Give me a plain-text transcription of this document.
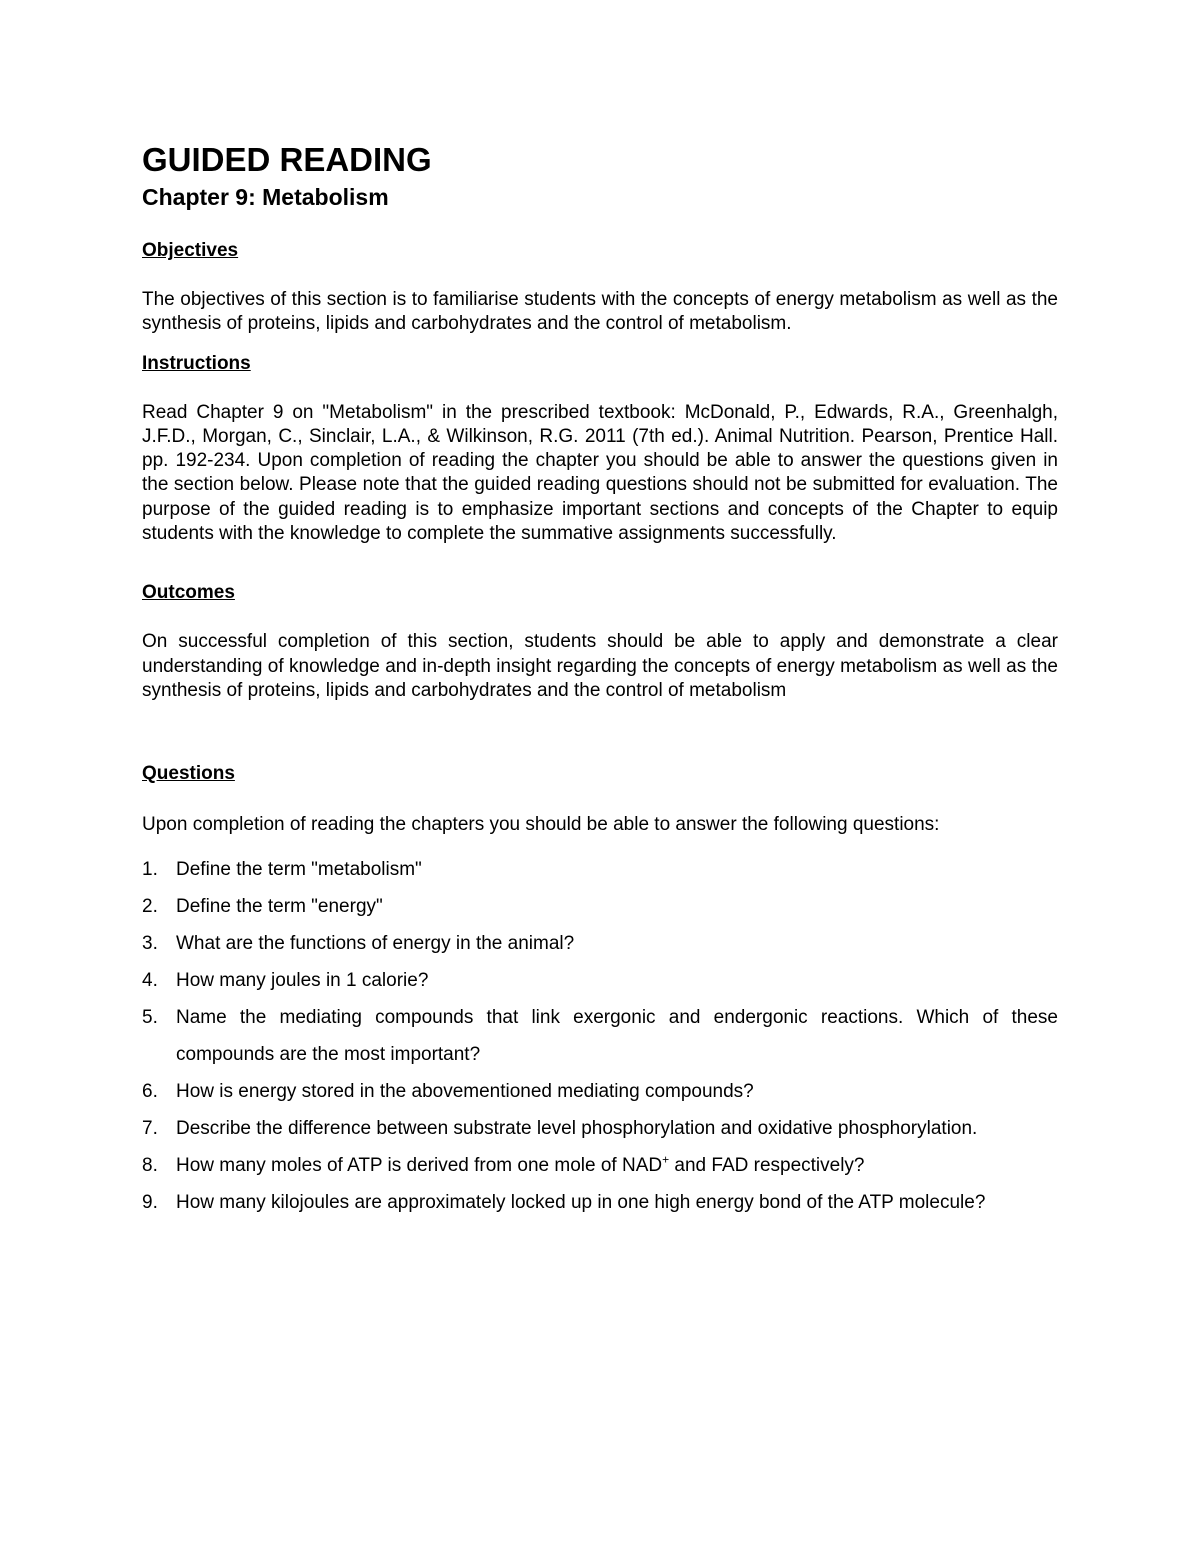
GUIDED READING
Chapter 9: Metabolism
Objectives

The objectives of this section is to familiarise students with the concepts of energy metabolism as well as the synthesis of proteins, lipids and carbohydrates and the control of metabolism.

Instructions

Read Chapter 9 on "Metabolism" in the prescribed textbook: McDonald, P., Edwards, R.A., Greenhalgh, J.F.D., Morgan, C., Sinclair, L.A., & Wilkinson, R.G. 2011 (7th ed.). Animal Nutrition. Pearson, Prentice Hall. pp. 192-234. Upon completion of reading the chapter you should be able to answer the questions given in the section below. Please note that the guided reading questions should not be submitted for evaluation. The purpose of the guided reading is to emphasize important sections and concepts of the Chapter to equip students with the knowledge to complete the summative assignments successfully.

Outcomes

On successful completion of this section, students should be able to apply and demonstrate a clear understanding of knowledge and in-depth insight regarding the concepts of energy metabolism as well as the synthesis of proteins, lipids and carbohydrates and the control of metabolism

Questions

Upon completion of reading the chapters you should be able to answer the following questions:

1. Define the term "metabolism"
2. Define the term "energy"
3. What are the functions of energy in the animal?
4. How many joules in 1 calorie?
5. Name the mediating compounds that link exergonic and endergonic reactions. Which of these compounds are the most important?
6. How is energy stored in the abovementioned mediating compounds?
7. Describe the difference between substrate level phosphorylation and oxidative phosphorylation.
8. How many moles of ATP is derived from one mole of NAD+ and FAD respectively?
9. How many kilojoules are approximately locked up in one high energy bond of the ATP molecule?
